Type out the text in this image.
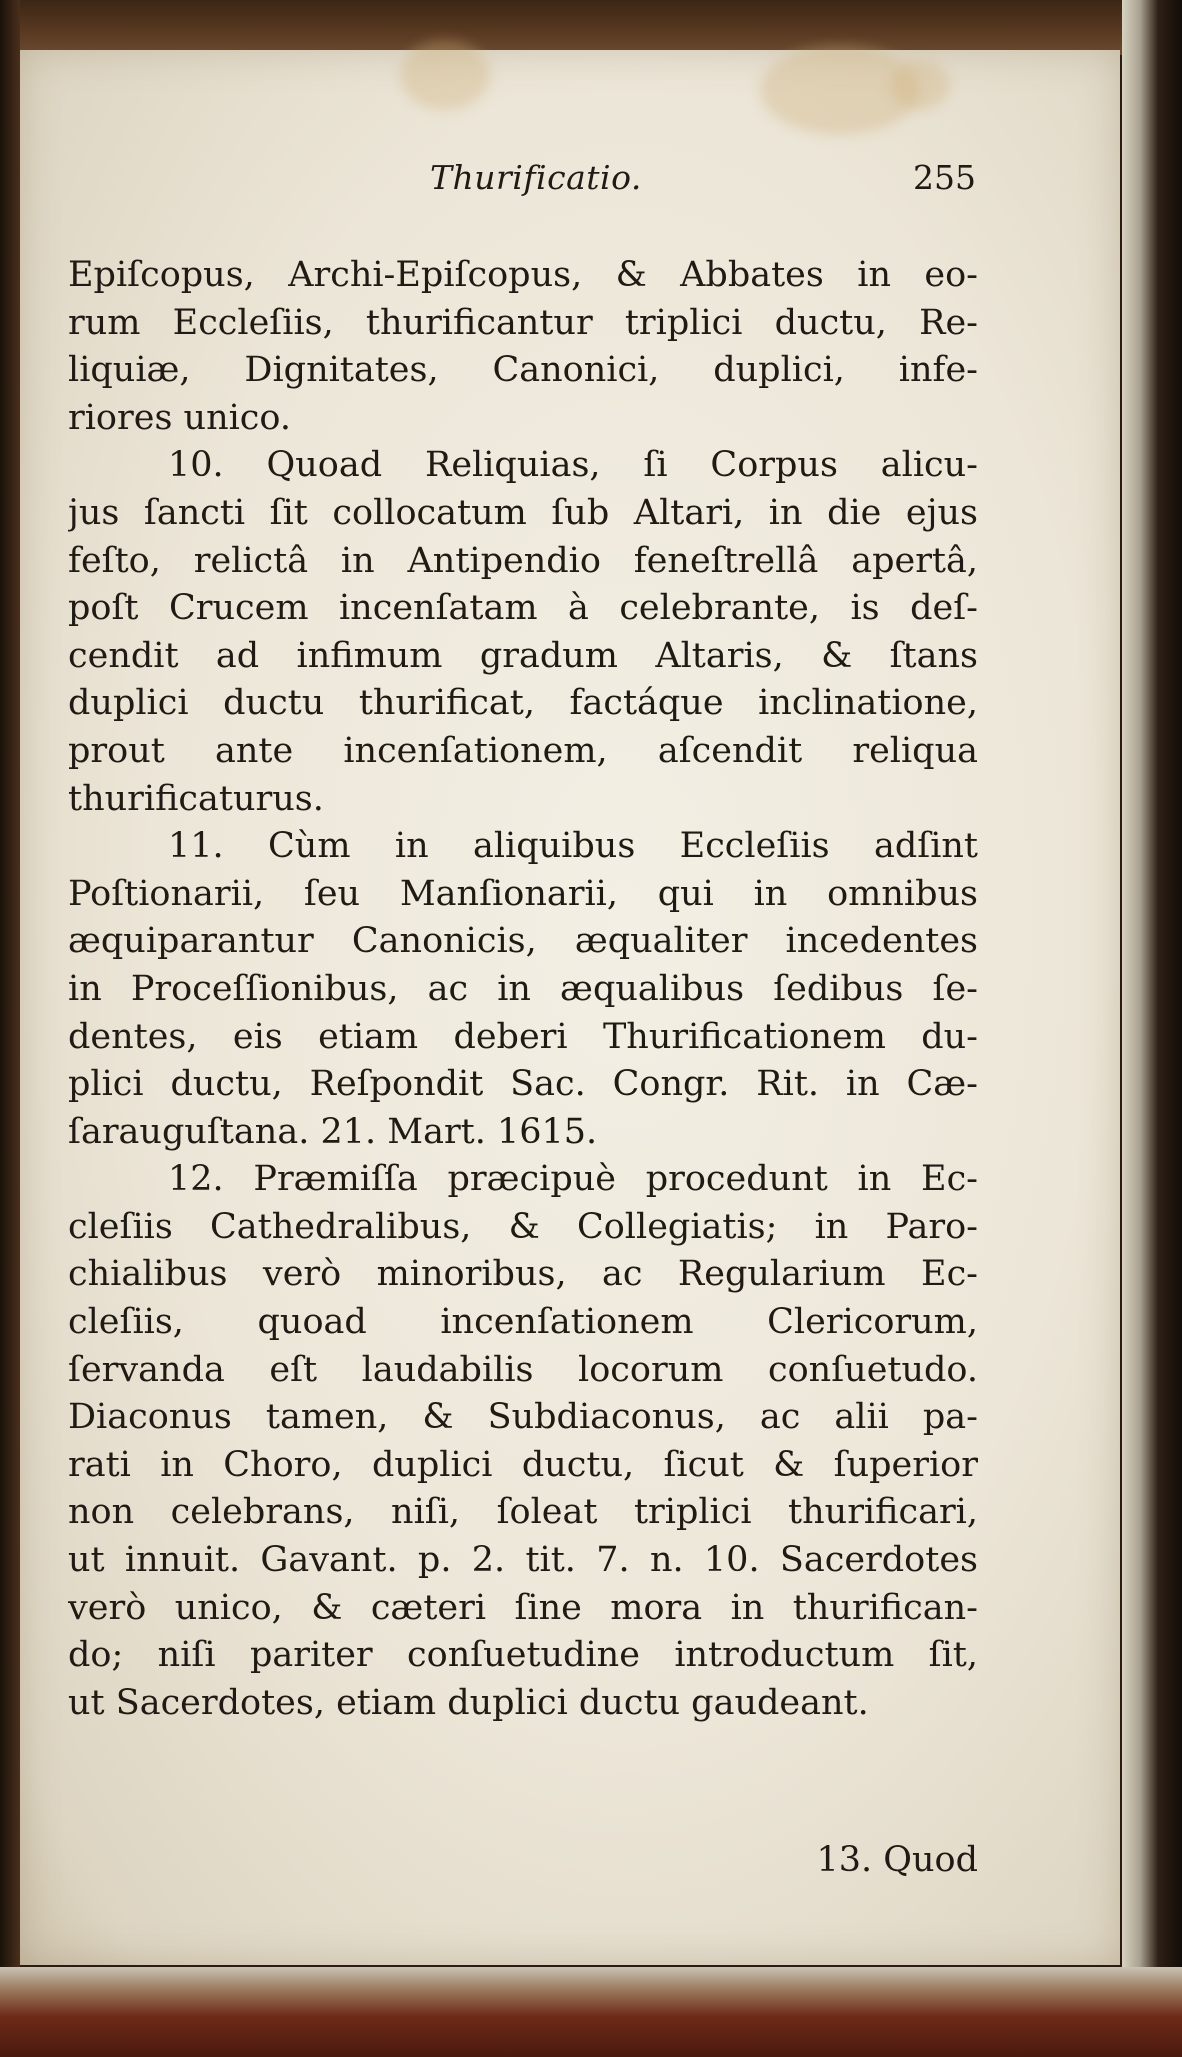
Thurificatio.	255
Epiſcopus, Archi-Epiſcopus, & Abbates in eo-
rum Eccleſiis, thurificantur triplici ductu, Re-
liquiæ, Dignitates, Canonici, duplici, infe-
riores unico.
10. Quoad Reliquias, ſi Corpus alicu-
jus ſancti ſit collocatum ſub Altari, in die ejus
feſto, relictâ in Antipendio feneſtrellâ apertâ,
poſt Crucem incenſatam à celebrante, is deſ-
cendit ad infimum gradum Altaris, & ſtans
duplici ductu thurificat, factáque inclinatione,
prout ante incenſationem, aſcendit reliqua
thurificaturus.
11. Cùm in aliquibus Eccleſiis adſint
Poſtionarii, ſeu Manſionarii, qui in omnibus
æquiparantur Canonicis, æqualiter incedentes
in Proceſſionibus, ac in æqualibus ſedibus ſe-
dentes, eis etiam deberi Thurificationem du-
plici ductu, Reſpondit Sac. Congr. Rit. in Cæ-
ſarauguſtana. 21. Mart. 1615.
12. Præmiſſa præcipuè procedunt in Ec-
cleſiis Cathedralibus, & Collegiatis; in Paro-
chialibus verò minoribus, ac Regularium Ec-
cleſiis, quoad incenſationem Clericorum,
ſervanda eſt laudabilis locorum conſuetudo.
Diaconus tamen, & Subdiaconus, ac alii pa-
rati in Choro, duplici ductu, ſicut & ſuperior
non celebrans, niſi, ſoleat triplici thurificari,
ut innuit. Gavant. p. 2. tit. 7. n. 10. Sacerdotes
verò unico, & cæteri ſine mora in thurifican-
do; niſi pariter conſuetudine introductum ſit,
ut Sacerdotes, etiam duplici ductu gaudeant.
13. Quod
